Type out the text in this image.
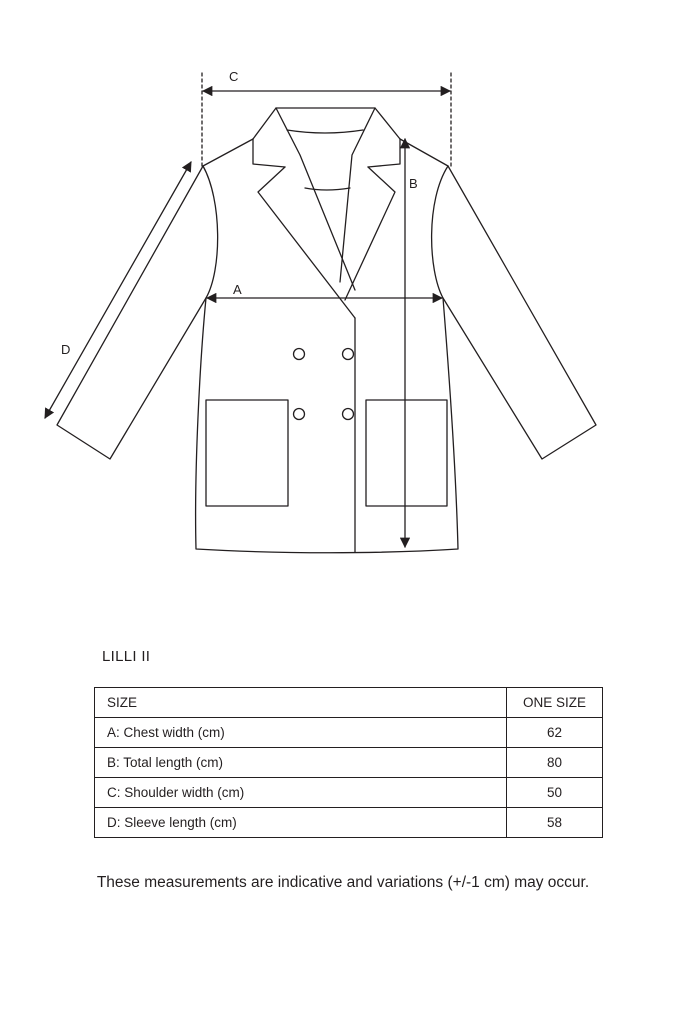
C
B
A
D
LILLI II
SIZE	ONE SIZE
A: Chest width (cm)	62
B: Total length (cm)	80
C: Shoulder width (cm)	50
D: Sleeve length (cm)	58
These measurements are indicative and variations (+/-1 cm) may occur.
